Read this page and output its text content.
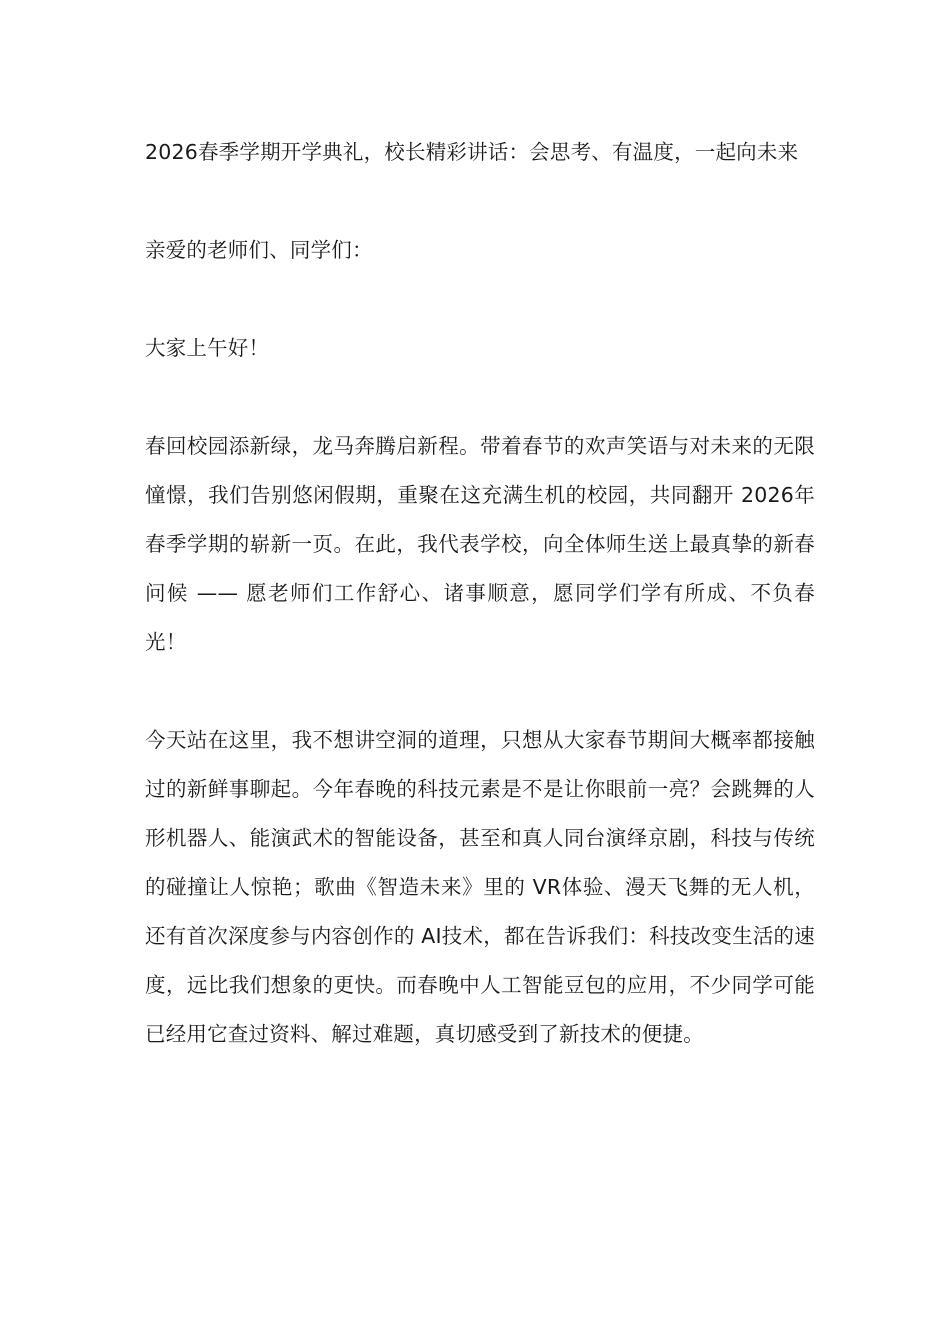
2026春季学期开学典礼，校长精彩讲话：会思考、有温度，一起向未来

亲爱的老师们、同学们：

大家上午好！

春回校园添新绿，龙马奔腾启新程。带着春节的欢声笑语与对未来的无限憧憬，我们告别悠闲假期，重聚在这充满生机的校园，共同翻开 2026年春季学期的崭新一页。在此，我代表学校，向全体师生送上最真挚的新春问候 —— 愿老师们工作舒心、诸事顺意，愿同学们学有所成、不负春光！

今天站在这里，我不想讲空洞的道理，只想从大家春节期间大概率都接触过的新鲜事聊起。今年春晚的科技元素是不是让你眼前一亮？会跳舞的人形机器人、能演武术的智能设备，甚至和真人同台演绎京剧，科技与传统的碰撞让人惊艳；歌曲《智造未来》里的 VR体验、漫天飞舞的无人机，还有首次深度参与内容创作的 AI技术，都在告诉我们：科技改变生活的速度，远比我们想象的更快。而春晚中人工智能豆包的应用，不少同学可能已经用它查过资料、解过难题，真切感受到了新技术的便捷。
